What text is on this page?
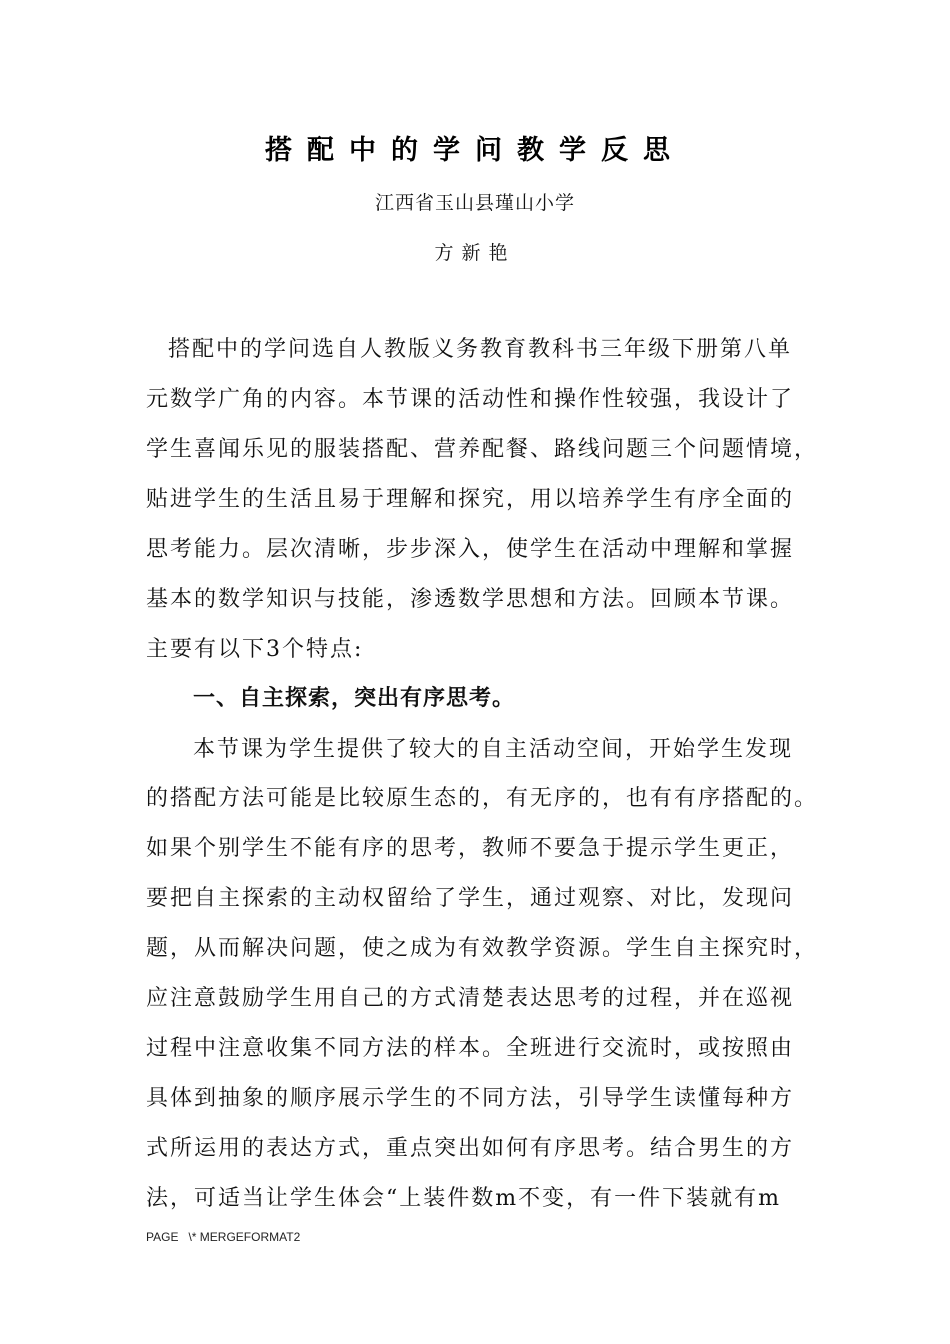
搭配中的学问教学反思
江西省玉山县瑾山小学
方新艳
搭配中的学问选自人教版义务教育教科书三年级下册第八单
元数学广角的内容。本节课的活动性和操作性较强，我设计了
学生喜闻乐见的服装搭配、营养配餐、路线问题三个问题情境，
贴进学生的生活且易于理解和探究，用以培养学生有序全面的
思考能力。层次清晰，步步深入，使学生在活动中理解和掌握
基本的数学知识与技能，渗透数学思想和方法。回顾本节课。
主要有以下3个特点:
一、自主探索，突出有序思考。
本节课为学生提供了较大的自主活动空间，开始学生发现
的搭配方法可能是比较原生态的，有无序的，也有有序搭配的。
如果个别学生不能有序的思考，教师不要急于提示学生更正，
要把自主探索的主动权留给了学生，通过观察、对比，发现问
题，从而解决问题，使之成为有效教学资源。学生自主探究时，
应注意鼓励学生用自己的方式清楚表达思考的过程，并在巡视
过程中注意收集不同方法的样本。全班进行交流时，或按照由
具体到抽象的顺序展示学生的不同方法，引导学生读懂每种方
式所运用的表达方式，重点突出如何有序思考。结合男生的方
法，可适当让学生体会“上装件数m不变，有一件下装就有m
PAGE   \* MERGEFORMAT2
